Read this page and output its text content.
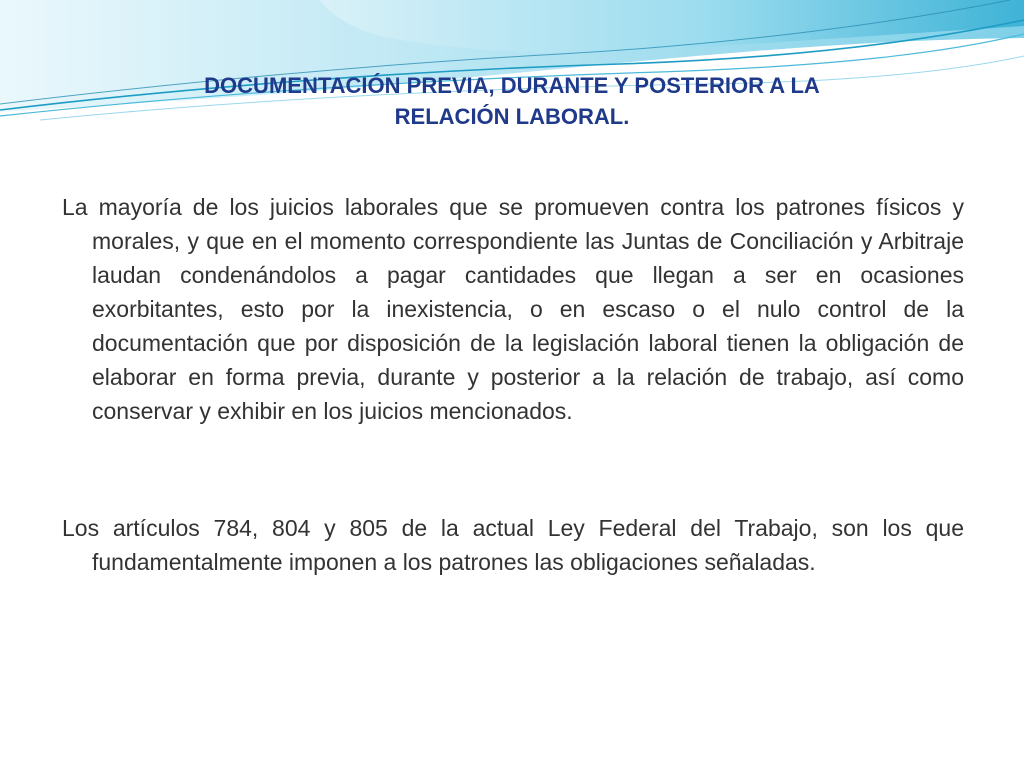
DOCUMENTACIÓN PREVIA, DURANTE Y POSTERIOR A LA
RELACIÓN LABORAL.

La mayoría de los juicios laborales que se promueven contra los patrones físicos y morales, y que en el momento correspondiente las Juntas de Conciliación y Arbitraje laudan condenándolos a pagar cantidades que llegan a ser en ocasiones exorbitantes, esto por la inexistencia, o en escaso o el nulo control de la documentación que por disposición de la legislación laboral tienen la obligación de elaborar en forma previa, durante y posterior a la relación de trabajo, así como conservar y exhibir en los juicios mencionados.

Los artículos 784, 804 y 805 de la actual Ley Federal del Trabajo, son los que fundamentalmente imponen a los patrones las obligaciones señaladas.
